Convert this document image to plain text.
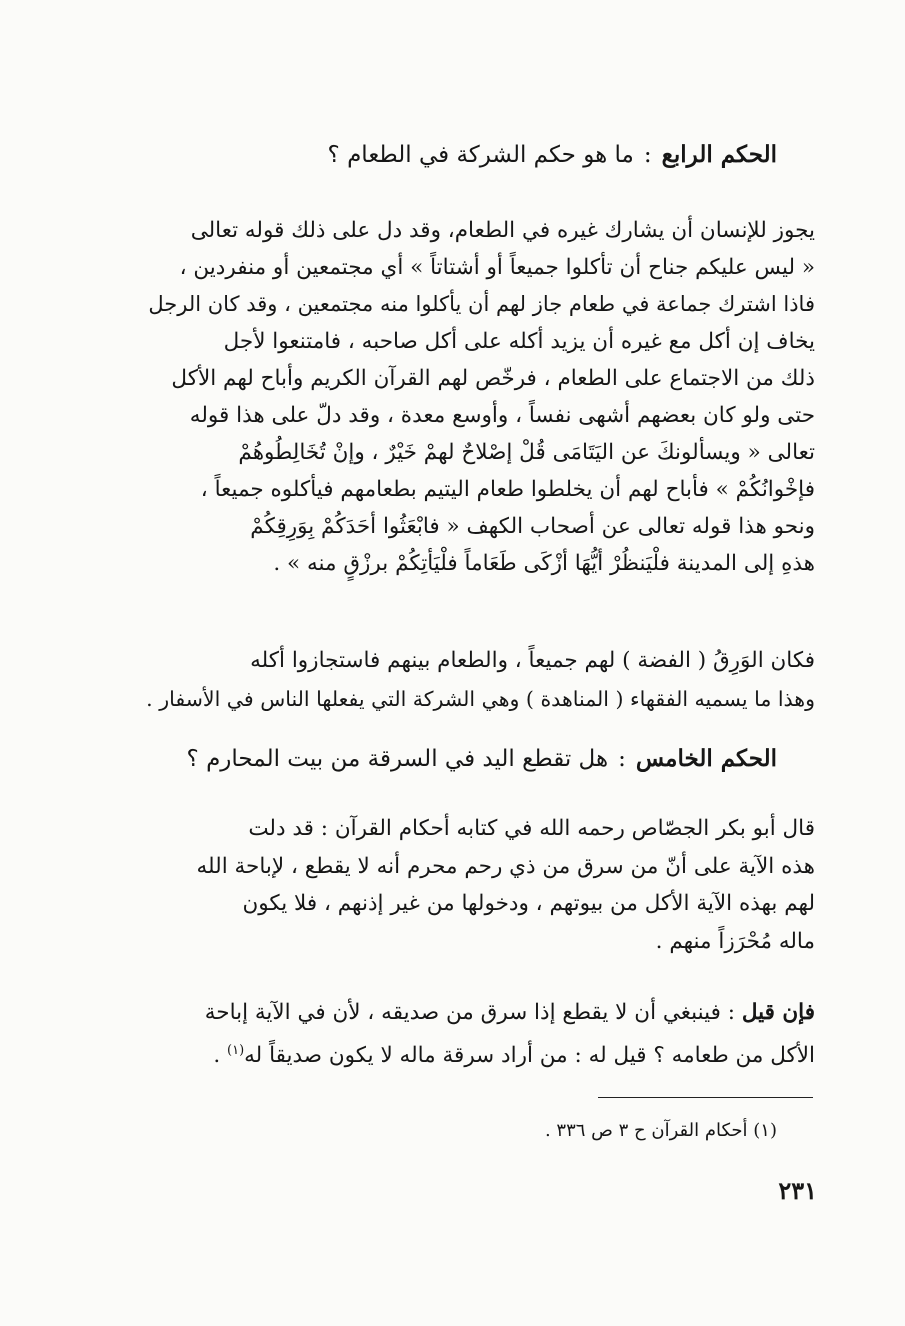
الحكم الرابع:ما هو حكم الشركة في الطعام ؟
يجوز للإنسان أن يشارك غيره في الطعام، وقد دل على ذلك قوله تعالى
« ليس عليكم جناح أن تأكلوا جميعاً أو أشتاتاً » أي مجتمعين أو منفردين ،
فاذا اشترك جماعة في طعام جاز لهم أن يأكلوا منه مجتمعين ، وقد كان الرجل
يخاف إن أكل مع غيره أن يزيد أكله على أكل صاحبه ، فامتنعوا لأجل
ذلك من الاجتماع على الطعام ، فرخّص لهم القرآن الكريم وأباح لهم الأكل
حتى ولو كان بعضهم أشهى نفساً ، وأوسع معدة ، وقد دلّ على هذا قوله
تعالى « ويسألونكَ عن اليَتَامَى قُلْ إصْلاحٌ لهمْ خَيْرٌ ، وإنْ تُخَالِطُوهُمْ
فإخْوانُكُمْ » فأباح لهم أن يخلطوا طعام اليتيم بطعامهم فيأكلوه جميعاً ،
ونحو هذا قوله تعالى عن أصحاب الكهف « فابْعَثُوا أحَدَكُمْ بِوَرِقِكُمْ
هذهِ إلى المدينة فلْيَنظُرْ أيُّهَا أزْكَى طَعَاماً فلْيَأتِكُمْ برزْقٍ منه » .
فكان الوَرِقُ ( الفضة ) لهم جميعاً ، والطعام بينهم فاستجازوا أكله
وهذا ما يسميه الفقهاء ( المناهدة ) وهي الشركة التي يفعلها الناس في الأسفار .
الحكم الخامس:هل تقطع اليد في السرقة من بيت المحارم ؟
قال أبو بكر الجصّاص رحمه الله في كتابه أحكام القرآن : قد دلت
هذه الآية على أنّ من سرق من ذي رحم محرم أنه لا يقطع ، لإباحة الله
لهم بهذه الآية الأكل من بيوتهم ، ودخولها من غير إذنهم ، فلا يكون
ماله مُحْرَزاً منهم .
فإن قيل : فينبغي أن لا يقطع إذا سرق من صديقه ، لأن في الآية إباحة
الأكل من طعامه ؟ قيل له : من أراد سرقة ماله لا يكون صديقاً له$^{(١)}$ .
(١) أحكام القرآن ح ٣ ص ٣٣٦ .
٢٣١
